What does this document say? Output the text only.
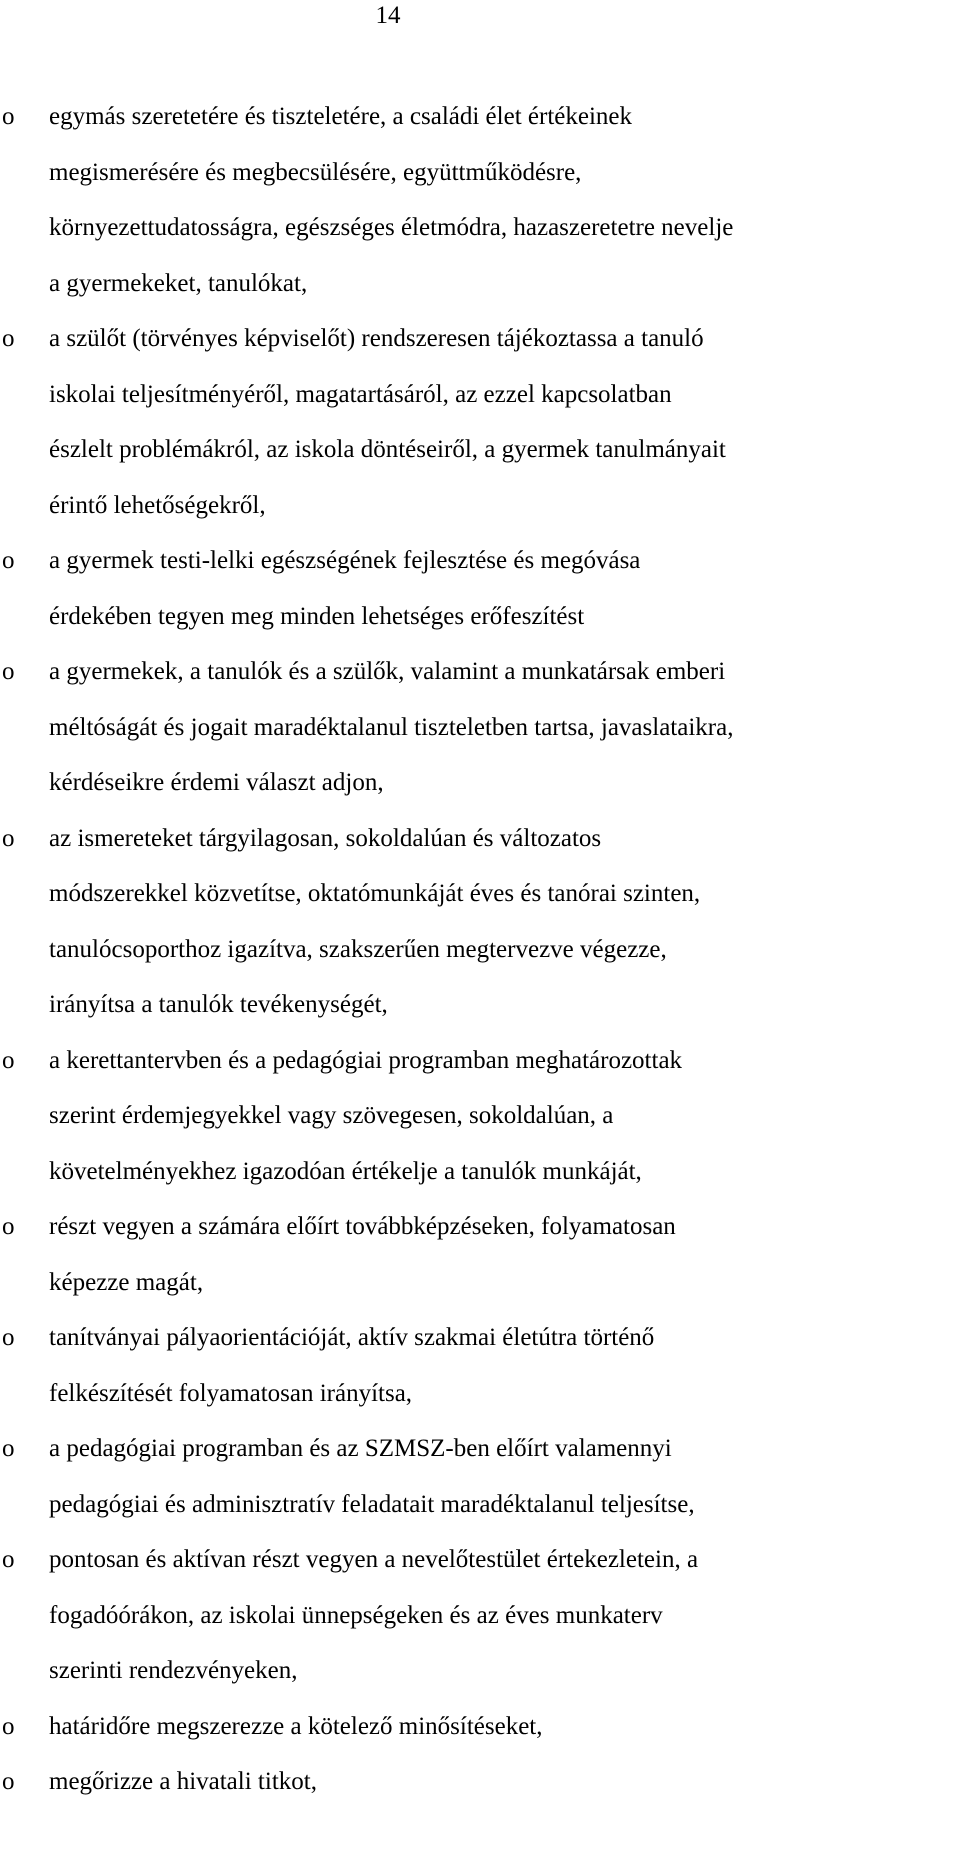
14
o	egymás szeretetére és tiszteletére, a családi élet értékeinek
megismerésére és megbecsülésére, együttműködésre,
környezettudatosságra, egészséges életmódra, hazaszeretetre nevelje
a gyermekeket, tanulókat,
o	a szülőt (törvényes képviselőt) rendszeresen tájékoztassa a tanuló
iskolai teljesítményéről, magatartásáról, az ezzel kapcsolatban
észlelt problémákról, az iskola döntéseiről, a gyermek tanulmányait
érintő lehetőségekről,
o	a gyermek testi-lelki egészségének fejlesztése és megóvása
érdekében tegyen meg minden lehetséges erőfeszítést
o	a gyermekek, a tanulók és a szülők, valamint a munkatársak emberi
méltóságát és jogait maradéktalanul tiszteletben tartsa, javaslataikra,
kérdéseikre érdemi választ adjon,
o	az ismereteket tárgyilagosan, sokoldalúan és változatos
módszerekkel közvetítse, oktatómunkáját éves és tanórai szinten,
tanulócsoporthoz igazítva, szakszerűen megtervezve végezze,
irányítsa a tanulók tevékenységét,
o	a kerettantervben és a pedagógiai programban meghatározottak
szerint érdemjegyekkel vagy szövegesen, sokoldalúan, a
követelményekhez igazodóan értékelje a tanulók munkáját,
o	részt vegyen a számára előírt továbbképzéseken, folyamatosan
képezze magát,
o	tanítványai pályaorientációját, aktív szakmai életútra történő
felkészítését folyamatosan irányítsa,
o	a pedagógiai programban és az SZMSZ-ben előírt valamennyi
pedagógiai és adminisztratív feladatait maradéktalanul teljesítse,
o	pontosan és aktívan részt vegyen a nevelőtestület értekezletein, a
fogadóórákon, az iskolai ünnepségeken és az éves munkaterv
szerinti rendezvényeken,
o	határidőre megszerezze a kötelező minősítéseket,
o	megőrizze a hivatali titkot,
